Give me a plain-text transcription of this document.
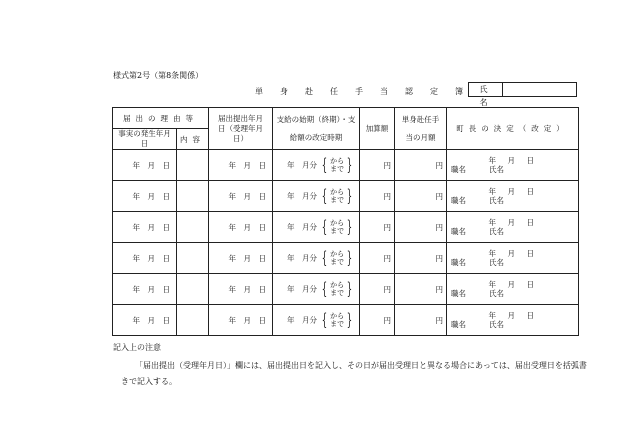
様式第2号（第8条関係）
単 身 赴 任 手 当 認 定 簿	氏名
届出の理由等		届出提出年月日（受理年月日）	支給の始期（終期）・支給額の改定時期	加算額	単身赴任手当の月額	町長の決定（改定）
事実の発生年月日	内容					
年　月　日		年　月　日	年　月分 { から
まで }	円	円	年　月　日
職名 氏名

年　月　日		年　月　日	年　月分 { から
まで }	円	円	年　月　日
職名 氏名

年　月　日		年　月　日	年　月分 { から
まで }	円	円	年　月　日
職名 氏名

年　月　日		年　月　日	年　月分 { から
まで }	円	円	年　月　日
職名 氏名

年　月　日		年　月　日	年　月分 { から
まで }	円	円	年　月　日
職名 氏名

年　月　日		年　月　日	年　月分 { から
まで }	円	円	年　月　日
職名 氏名
記入上の注意
「届出提出（受理年月日）」欄には、届出提出日を記入し、その日が届出受理日と異なる場合にあっては、届出受理日を括弧書きで記入する。
